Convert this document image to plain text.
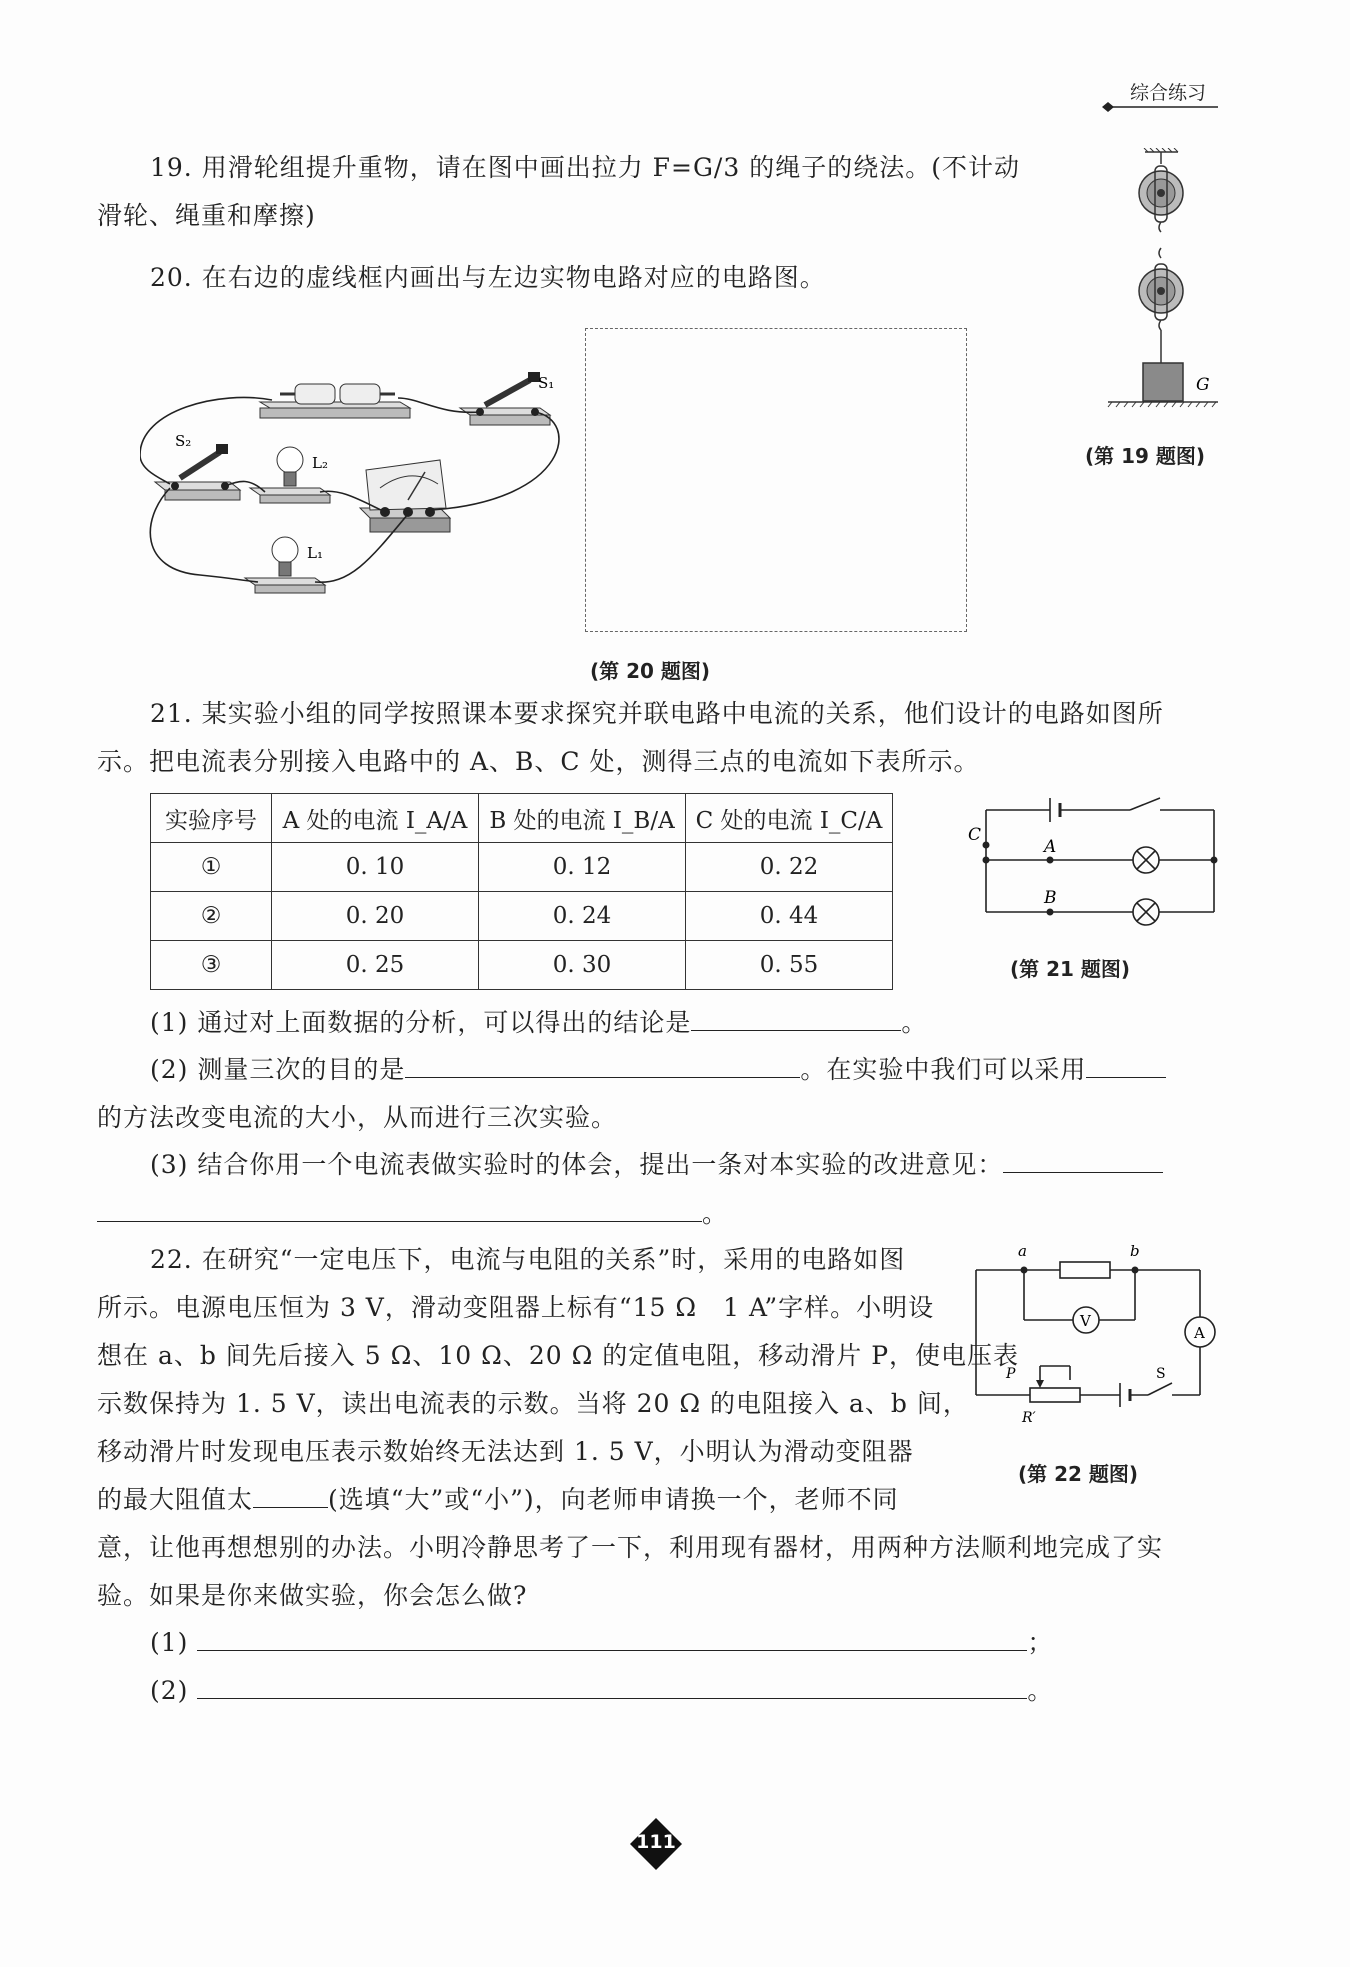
综合练习
19. 用滑轮组提升重物，请在图中画出拉力 F=G/3 的绳子的绕法。(不计动
滑轮、绳重和摩擦)
G
(第 19 题图)
20. 在右边的虚线框内画出与左边实物电路对应的电路图。
S₁
S₂
L₂
L₁
(第 20 题图)
21. 某实验小组的同学按照课本要求探究并联电路中电流的关系，他们设计的电路如图所
示。把电流表分别接入电路中的 A、B、C 处，测得三点的电流如下表所示。
实验序号	A 处的电流 I_A/A	B 处的电流 I_B/A	C 处的电流 I_C/A
①	0. 10	0. 12	0. 22
②	0. 20	0. 24	0. 44
③	0. 25	0. 30	0. 55
C
A
B
(第 21 题图)
(1) 通过对上面数据的分析，可以得出的结论是	。
(2) 测量三次的目的是	。在实验中我们可以采用
的方法改变电流的大小，从而进行三次实验。
(3) 结合你用一个电流表做实验时的体会，提出一条对本实验的改进意见：
。
22. 在研究“一定电压下，电流与电阻的关系”时，采用的电路如图
所示。电源电压恒为 3 V，滑动变阻器上标有“15 Ω　1 A”字样。小明设
想在 a、b 间先后接入 5 Ω、10 Ω、20 Ω 的定值电阻，移动滑片 P，使电压表
示数保持为 1. 5 V，读出电流表的示数。当将 20 Ω 的电阻接入 a、b 间，
移动滑片时发现电压表示数始终无法达到 1. 5 V，小明认为滑动变阻器
的最大阻值太	(选填“大”或“小”)，向老师申请换一个，老师不同
意，让他再想想别的办法。小明冷静思考了一下，利用现有器材，用两种方法顺利地完成了实
验。如果是你来做实验，你会怎么做?
(1)	；
(2)	。
a	b
V
A
P	S
R′
(第 22 题图)
111
